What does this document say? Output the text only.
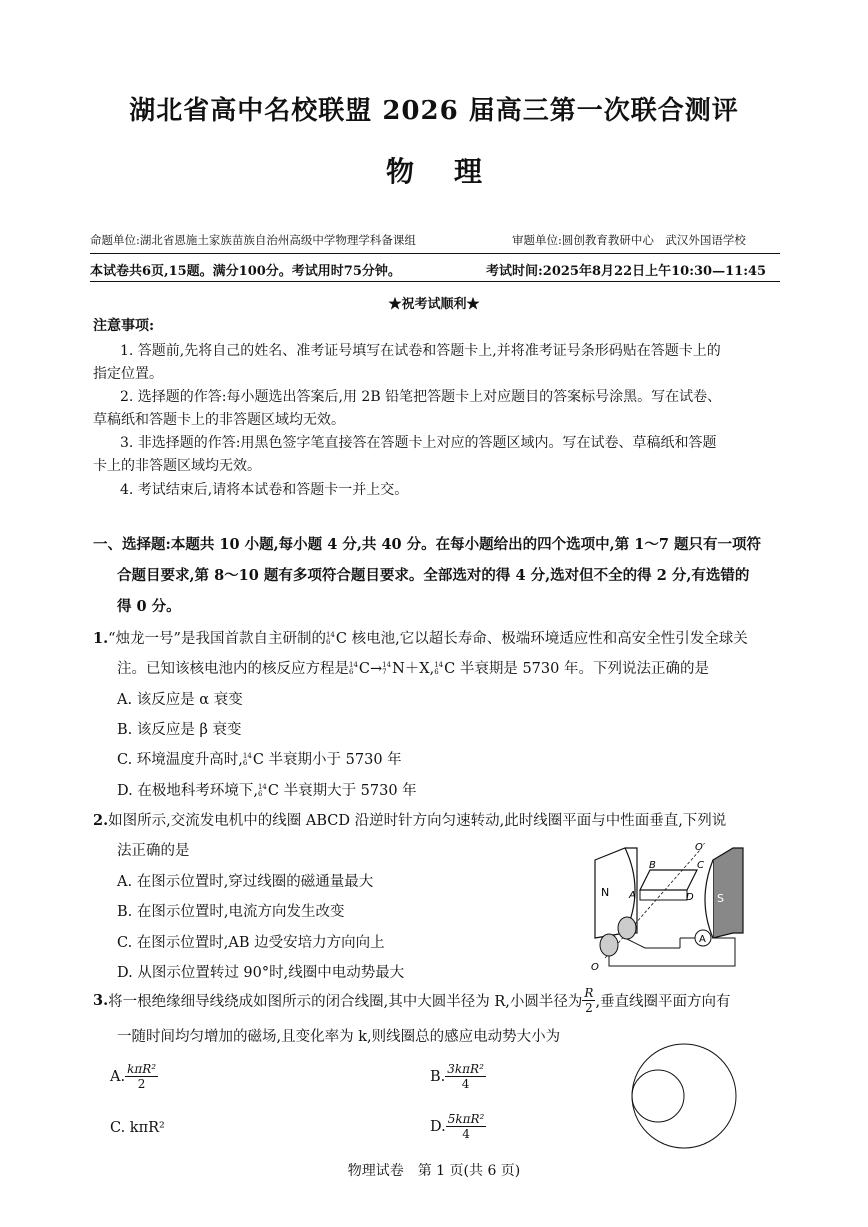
湖北省高中名校联盟 2026 届高三第一次联合测评
物理
命题单位:湖北省恩施土家族苗族自治州高级中学物理学科备课组	审题单位:圆创教育教研中心　武汉外国语学校
本试卷共6页,15题。满分100分。考试用时75分钟。	考试时间:2025年8月22日上午10:30—11:45
★祝考试顺利★
注意事项:
1. 答题前,先将自己的姓名、准考证号填写在试卷和答题卡上,并将准考证号条形码贴在答题卡上的
指定位置。
2. 选择题的作答:每小题选出答案后,用 2B 铅笔把答题卡上对应题目的答案标号涂黑。写在试卷、
草稿纸和答题卡上的非答题区域均无效。
3. 非选择题的作答:用黑色签字笔直接答在答题卡上对应的答题区域内。写在试卷、草稿纸和答题
卡上的非答题区域均无效。
4. 考试结束后,请将本试卷和答题卡一并上交。
一、选择题:本题共 10 小题,每小题 4 分,共 40 分。在每小题给出的四个选项中,第 1～7 题只有一项符
合题目要求,第 8～10 题有多项符合题目要求。全部选对的得 4 分,选对但不全的得 2 分,有选错的
得 0 分。
1.“烛龙一号”是我国首款自主研制的 14
6 C 核电池,它以超长寿命、极端环境适应性和高安全性引发全球关
注。已知该核电池内的核反应方程是 14
6 C→ 14
7 N＋X, 14
6 C 半衰期是 5730 年。下列说法正确的是
A. 该反应是 α 衰变
B. 该反应是 β 衰变
C. 环境温度升高时, 14
6 C 半衰期小于 5730 年
D. 在极地科考环境下, 14
6 C 半衰期大于 5730 年
2.如图所示,交流发电机中的线圈 ABCD 沿逆时针方向匀速转动,此时线圈平面与中性面垂直,下列说
法正确的是
A. 在图示位置时,穿过线圈的磁通量最大
B. 在图示位置时,电流方向发生改变
C. 在图示位置时,AB 边受安培力方向向上
D. 从图示位置转过 90°时,线圈中电动势最大
N	S
B	C
A	D
O′
O
A
3. 将一根绝缘细导线绕成如图所示的闭合线圈,其中大圆半径为 R,小圆半径为 $\frac{R}{2}$ ,垂直线圈平面方向有
一随时间均匀增加的磁场,且变化率为 k,则线圈总的感应电动势大小为
A. $\frac{\text{kπR²}}{2}$	B. $\frac{\text{3kπR²}}{4}$
C. kπR²	D. $\frac{\text{5kπR²}}{4}$
物理试卷　第 1 页(共 6 页)
